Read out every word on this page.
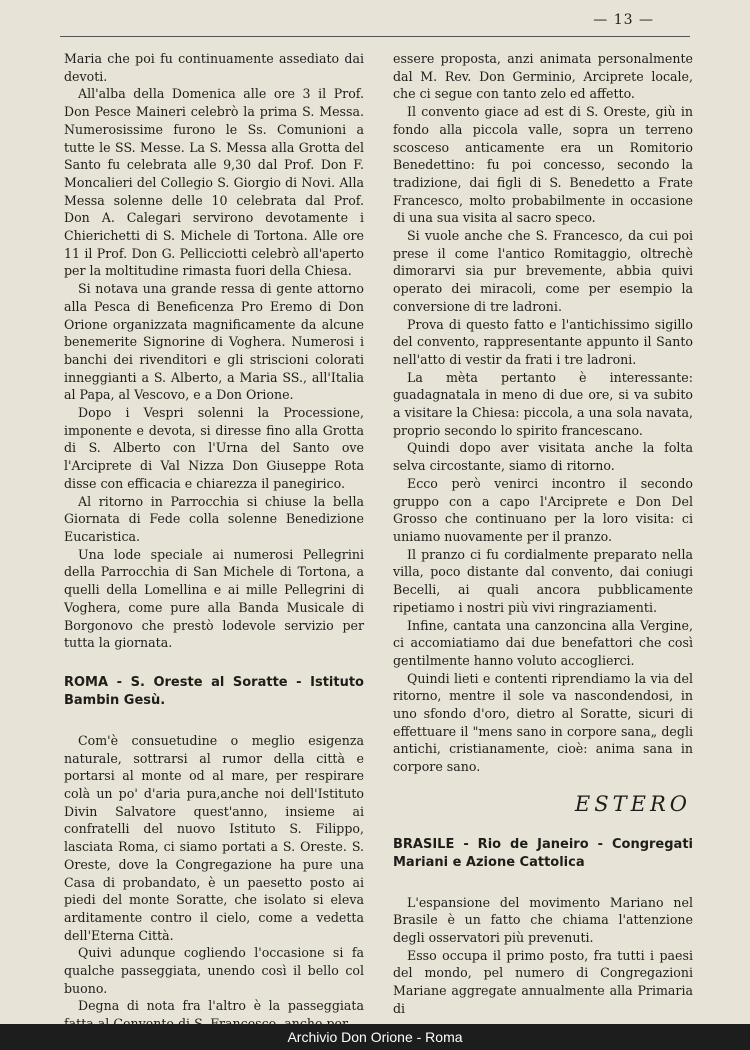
— 13 —

Maria che poi fu continuamente assediato dai devoti.

All'alba della Domenica alle ore 3 il Prof. Don Pesce Maineri celebrò la prima S. Messa. Numerosissime furono le Ss. Comunioni a tutte le SS. Messe. La S. Messa alla Grotta del Santo fu celebrata alle 9,30 dal Prof. Don F. Moncalieri del Collegio S. Giorgio di Novi. Alla Messa solenne delle 10 celebrata dal Prof. Don A. Calegari servirono devotamente i Chierichetti di S. Michele di Tortona. Alle ore 11 il Prof. Don G. Pellicciotti celebrò all'aperto per la moltitudine rimasta fuori della Chiesa.

Si notava una grande ressa di gente attorno alla Pesca di Beneficenza Pro Eremo di Don Orione organizzata magnificamente da alcune benemerite Signorine di Voghera. Numerosi i banchi dei rivenditori e gli striscioni colorati inneggianti a S. Alberto, a Maria SS., all'Italia al Papa, al Vescovo, e a Don Orione.

Dopo i Vespri solenni la Processione, imponente e devota, si diresse fino alla Grotta di S. Alberto con l'Urna del Santo ove l'Arciprete di Val Nizza Don Giuseppe Rota disse con efficacia e chiarezza il panegirico.

Al ritorno in Parrocchia si chiuse la bella Giornata di Fede colla solenne Benedizione Eucaristica.

Una lode speciale ai numerosi Pellegrini della Parrocchia di San Michele di Tortona, a quelli della Lomellina e ai mille Pellegrini di Voghera, come pure alla Banda Musicale di Borgonovo che prestò lodevole servizio per tutta la giornata.

ROMA - S. Oreste al Soratte - Istituto Bambin Gesù.

Com'è consuetudine o meglio esigenza naturale, sottrarsi al rumor della città e portarsi al monte od al mare, per respirare colà un po' d'aria pura,anche noi dell'Istituto Divin Salvatore quest'anno, insieme ai confratelli del nuovo Istituto S. Filippo, lasciata Roma, ci siamo portati a S. Oreste. S. Oreste, dove la Congregazione ha pure una Casa di probandato, è un paesetto posto ai piedi del monte Soratte, che isolato si eleva arditamente contro il cielo, come a vedetta dell'Eterna Città.

Quivi adunque cogliendo l'occasione si fa qualche passeggiata, unendo così il bello col buono.

Degna di nota fra l'altro è la passeggiata

essere proposta, anzi animata personalmente dal M. Rev. Don Germinio, Arciprete locale, che ci segue con tanto zelo ed affetto.

Il convento giace ad est di S. Oreste, giù in fondo alla piccola valle, sopra un terreno scosceso anticamente era un Romitorio Benedettino: fu poi concesso, secondo la tradizione, dai figli di S. Benedetto a Frate Francesco, molto probabilmente in occasione di una sua visita al sacro speco.

Si vuole anche che S. Francesco, da cui poi prese il come l'antico Romitaggio, oltrechè dimorarvi sia pur brevemente, abbia quivi operato dei miracoli, come per esempio la conversione di tre ladroni.

Prova di questo fatto e l'antichissimo sigillo del convento, rappresentante appunto il Santo nell'atto di vestir da frati i tre ladroni.

La mèta pertanto è interessante: guadagnatala in meno di due ore, si va subito a visitare la Chiesa: piccola, a una sola navata, proprio secondo lo spirito francescano.

Quindi dopo aver visitata anche la folta selva circostante, siamo di ritorno.

Ecco però venirci incontro il secondo gruppo con a capo l'Arciprete e Don Del Grosso che continuano per la loro visita: ci uniamo nuovamente per il pranzo.

Il pranzo ci fu cordialmente preparato nella villa, poco distante dal convento, dai coniugi Becelli, ai quali ancora pubblicamente ripetiamo i nostri più vivi ringraziamenti.

Infine, cantata una canzoncina alla Vergine, ci accomiatiamo dai due benefattori che così gentilmente hanno voluto accoglierci.

Quindi lieti e contenti riprendiamo la via del ritorno, mentre il sole va nascondendosi, in uno sfondo d'oro, dietro al Soratte, sicuri di effettuare il "mens sano in corpore sana„ degli antichi, cristianamente, cioè: anima sana in corpore sano.

ESTERO
BRASILE - Rio de Janeiro - Congregati Mariani e Azione Cattolica

L'espansione del movimento Mariano nel Brasile è un fatto che chiama l'attenzione degli osservatori più prevenuti.

Esso occupa il primo posto, fra tutti i paesi del mondo, pel numero di Congregazioni Mariane aggregate annualmente alla Primaria di

Archivio Don Orione - Roma
